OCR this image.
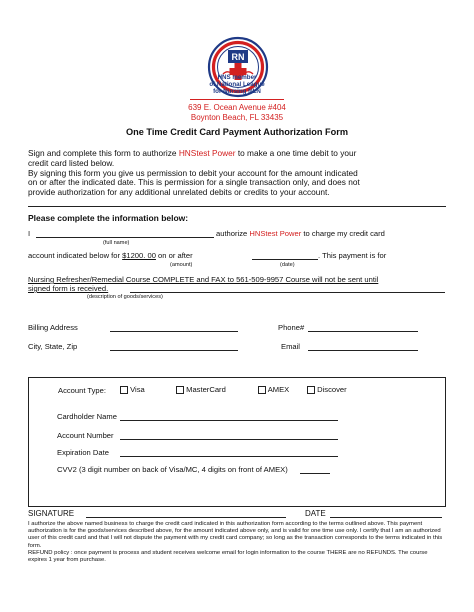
RN
HNS member
of National League
for Nursing NLN
639 E. Ocean Avenue #404
Boynton Beach, FL 33435
One Time Credit Card Payment Authorization Form
Sign and complete this form to authorize HNStest Power to make a one time debit to your
credit card listed below.
By signing this form you give us permission to debit your account for the amount indicated
on or after the indicated date. This is permission for a single transaction only, and does not
provide authorization for any additional unrelated debits or credits to your account.
Please complete the information below:
I	authorize HNStest Power to charge my credit card
(full name)
account indicated below for $1200. 00 on or after	. This payment is for
(amount)	(date)
Nursing Refresher/Remedial Course COMPLETE and FAX to 561-509-9957 Course will not be sent until
signed form is received.
(description of goods/services)
Billing Address	Phone#
City, State, Zip	Email
Account Type:	Visa	MasterCard	AMEX	Discover
Cardholder Name
Account Number
Expiration Date
CVV2 (3 digit number on back of Visa/MC, 4 digits on front of AMEX)
SIGNATURE	DATE
I authorize the above named business to charge the credit card indicated in this authorization form according to the terms outlined above. This payment authorization is for the goods/services described above, for the amount indicated above only, and is valid for one time use only. I certify that I am an authorized user of this credit card and that I will not dispute the payment with my credit card company; so long as the transaction corresponds to the terms indicated in this form.
REFUND policy : once payment is process and student receives welcome email for login information to the course THERE are no REFUNDS. The course expires 1 year from purchase.
